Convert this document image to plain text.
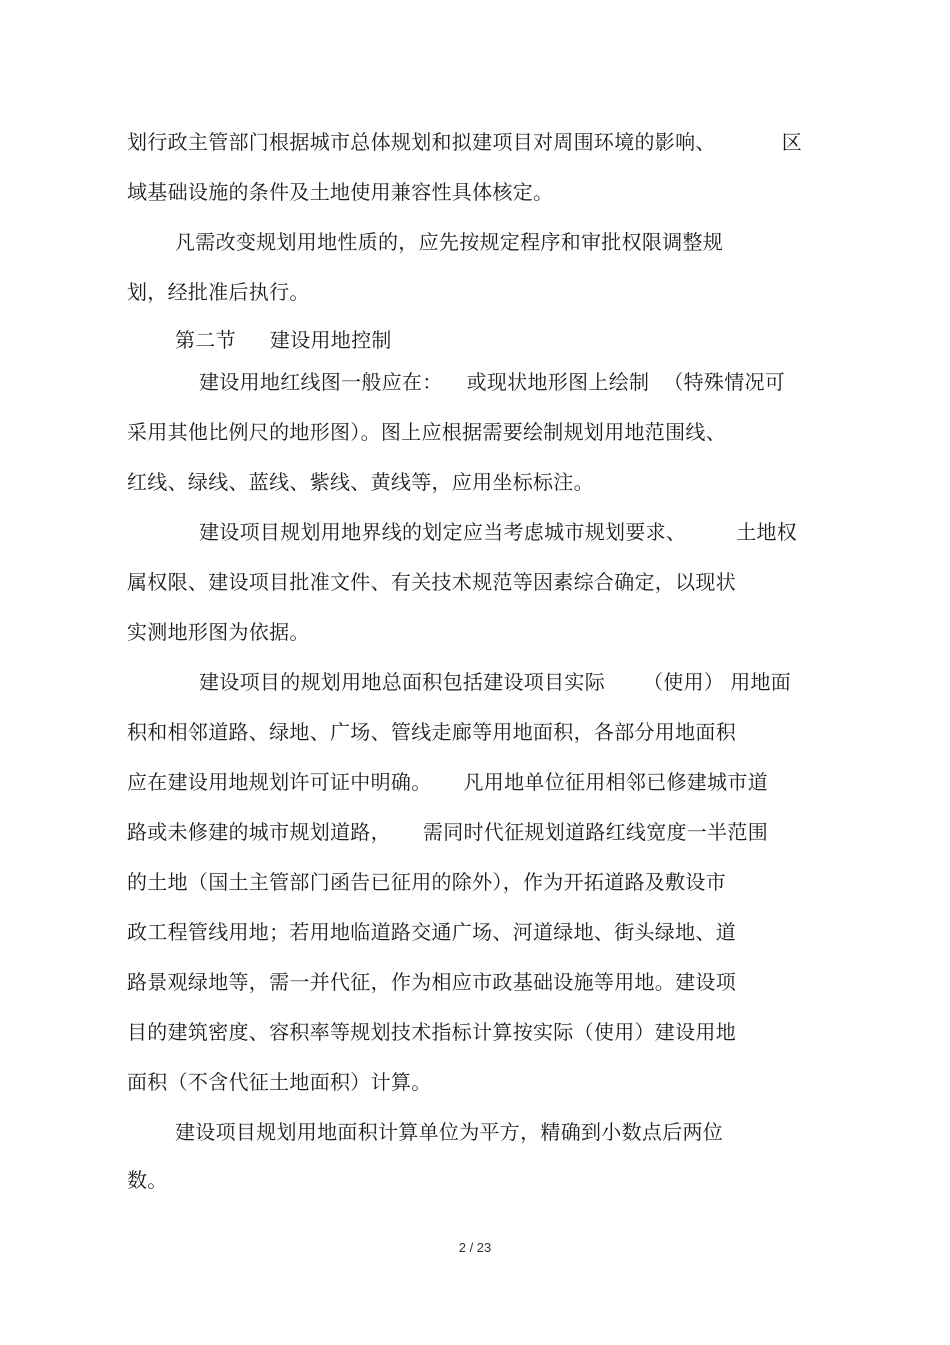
划行政主管部门根据城市总体规划和拟建项目对周围环境的影响、	区
域基础设施的条件及土地使用兼容性具体核定。
凡需改变规划用地性质的，应先按规定程序和审批权限调整规
划，经批准后执行。
第二节 建设用地控制
建设用地红线图一般应在： 或现状地形图上绘制 （特殊情况可
采用其他比例尺的地形图）。图上应根据需要绘制规划用地范围线、
红线、绿线、蓝线、紫线、黄线等，应用坐标标注。
建设项目规划用地界线的划定应当考虑城市规划要求、	土地权
属权限、建设项目批准文件、有关技术规范等因素综合确定，以现状
实测地形图为依据。
建设项目的规划用地总面积包括建设项目实际 （使用） 用地面
积和相邻道路、绿地、广场、管线走廊等用地面积，各部分用地面积
应在建设用地规划许可证中明确。 凡用地单位征用相邻已修建城市道
路或未修建的城市规划道路， 需同时代征规划道路红线宽度一半范围
的土地（国土主管部门函告已征用的除外），作为开拓道路及敷设市
政工程管线用地；若用地临道路交通广场、河道绿地、街头绿地、道
路景观绿地等，需一并代征，作为相应市政基础设施等用地。建设项
目的建筑密度、容积率等规划技术指标计算按实际（使用）建设用地
面积（不含代征土地面积）计算。
建设项目规划用地面积计算单位为平方，精确到小数点后两位
数。
2 / 23
